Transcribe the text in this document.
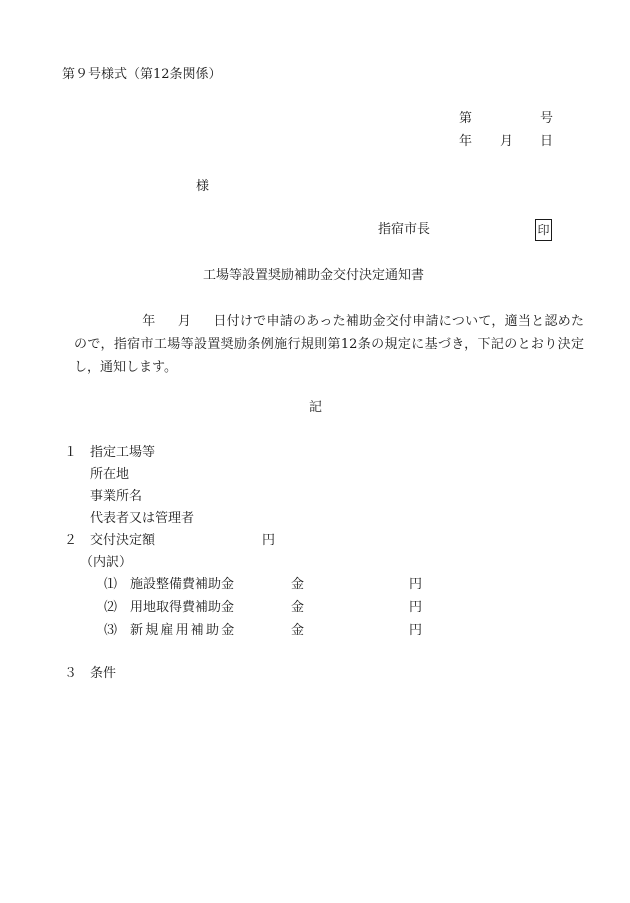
第９号様式（第12条関係）
第	号
年 月 日
様
指宿市長	印
工場等設置奨励補助金交付決定通知書
年 月 日付けで申請のあった補助金交付申請について，適当と認めたので，指宿市工場等設置奨励条例施行規則第12条の規定に基づき，下記のとおり決定し，通知します。
記
１ 指定工場等
所在地
事業所名
代表者又は管理者
２ 交付決定額	円
（内訳）
⑴ 施設整備費補助金	金	円
⑵ 用地取得費補助金	金	円
⑶ 新規雇用補助金	金	円
３ 条件
